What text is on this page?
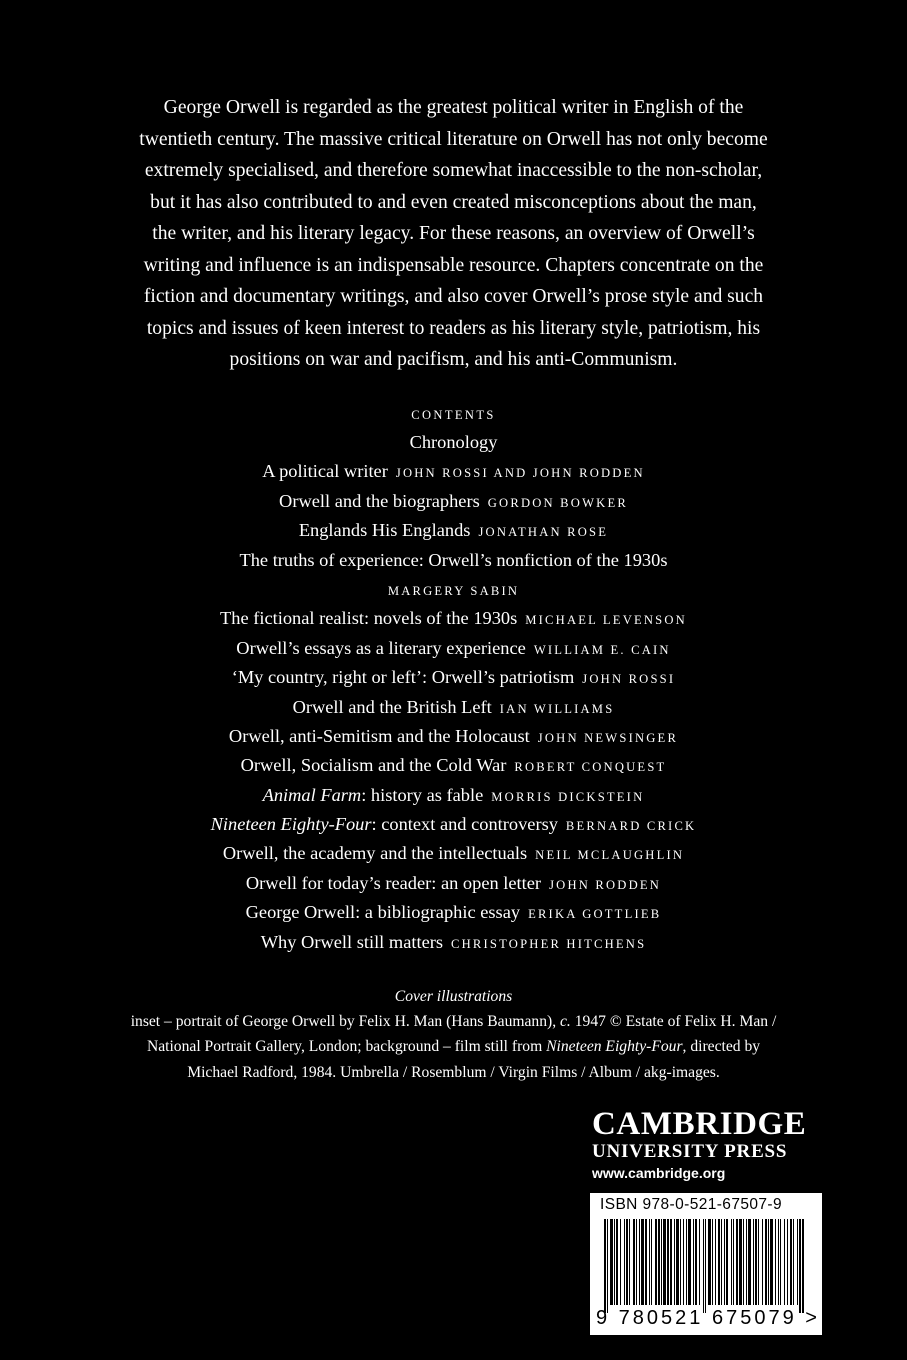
George Orwell is regarded as the greatest political writer in English of the
twentieth century. The massive critical literature on Orwell has not only become
extremely specialised, and therefore somewhat inaccessible to the non-scholar,
but it has also contributed to and even created misconceptions about the man,
the writer, and his literary legacy. For these reasons, an overview of Orwell’s
writing and influence is an indispensable resource. Chapters concentrate on the
fiction and documentary writings, and also cover Orwell’s prose style and such
topics and issues of keen interest to readers as his literary style, patriotism, his
positions on war and pacifism, and his anti-Communism.
CONTENTS
Chronology
A political writer JOHN ROSSI AND JOHN RODDEN
Orwell and the biographers GORDON BOWKER
Englands His Englands JONATHAN ROSE
The truths of experience: Orwell’s nonfiction of the 1930s
MARGERY SABIN
The fictional realist: novels of the 1930s MICHAEL LEVENSON
Orwell’s essays as a literary experience WILLIAM E. CAIN
‘My country, right or left’: Orwell’s patriotism JOHN ROSSI
Orwell and the British Left IAN WILLIAMS
Orwell, anti-Semitism and the Holocaust JOHN NEWSINGER
Orwell, Socialism and the Cold War ROBERT CONQUEST
Animal Farm: history as fable MORRIS DICKSTEIN
Nineteen Eighty-Four: context and controversy BERNARD CRICK
Orwell, the academy and the intellectuals NEIL MCLAUGHLIN
Orwell for today’s reader: an open letter JOHN RODDEN
George Orwell: a bibliographic essay ERIKA GOTTLIEB
Why Orwell still matters CHRISTOPHER HITCHENS
Cover illustrations
inset – portrait of George Orwell by Felix H. Man (Hans Baumann), c. 1947 © Estate of Felix H. Man /
National Portrait Gallery, London; background – film still from Nineteen Eighty-Four, directed by
Michael Radford, 1984. Umbrella / Rosemblum / Virgin Films / Album / akg-images.
CAMBRIDGE
UNIVERSITY PRESS
www.cambridge.org
ISBN 978-0-521-67507-9
9 780521 675079 >
